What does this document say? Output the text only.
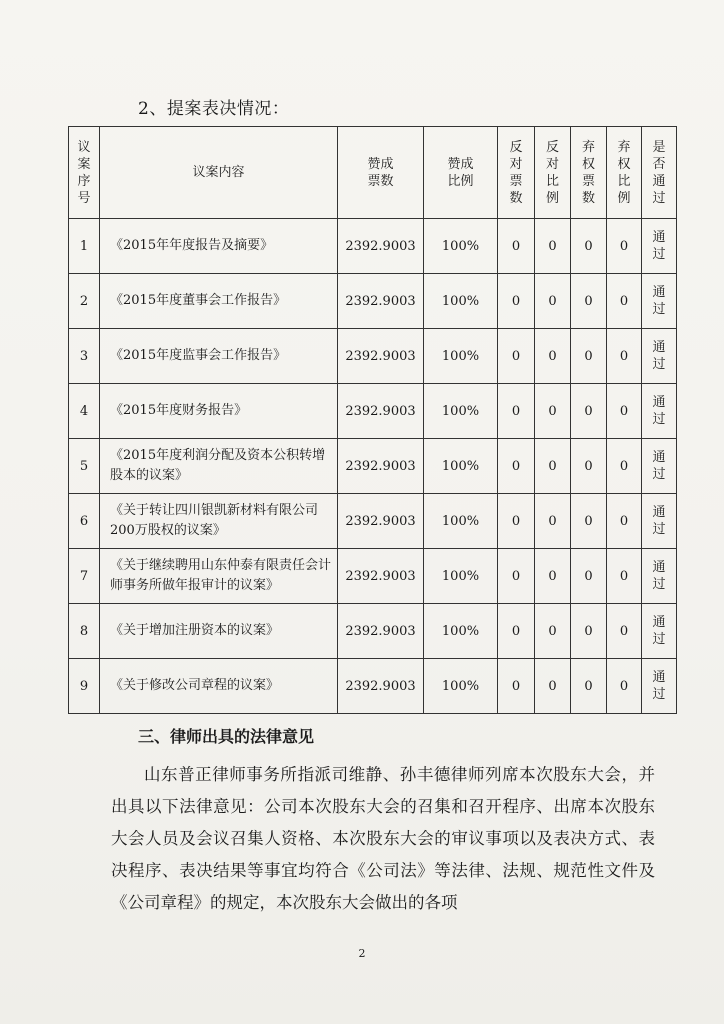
2、提案表决情况：
议案序号	议案内容	赞成票数	赞成比例	反对票数	反对比例	弃权票数	弃权比例	是否通过
1	《2015年年度报告及摘要》	2392.9003	100%	0	0	0	0	通过
2	《2015年度董事会工作报告》	2392.9003	100%	0	0	0	0	通过
3	《2015年度监事会工作报告》	2392.9003	100%	0	0	0	0	通过
4	《2015年度财务报告》	2392.9003	100%	0	0	0	0	通过
5	《2015年度利润分配及资本公积转增股本的议案》	2392.9003	100%	0	0	0	0	通过
6	《关于转让四川银凯新材料有限公司200万股权的议案》	2392.9003	100%	0	0	0	0	通过
7	《关于继续聘用山东仲泰有限责任会计师事务所做年报审计的议案》	2392.9003	100%	0	0	0	0	通过
8	《关于增加注册资本的议案》	2392.9003	100%	0	0	0	0	通过
9	《关于修改公司章程的议案》	2392.9003	100%	0	0	0	0	通过
三、律师出具的法律意见

山东普正律师事务所指派司维静、孙丰德律师列席本次股东大会，并出具以下法律意见：公司本次股东大会的召集和召开程序、出席本次股东大会人员及会议召集人资格、本次股东大会的审议事项以及表决方式、表决程序、表决结果等事宜均符合《公司法》等法律、法规、规范性文件及《公司章程》的规定，本次股东大会做出的各项

2
